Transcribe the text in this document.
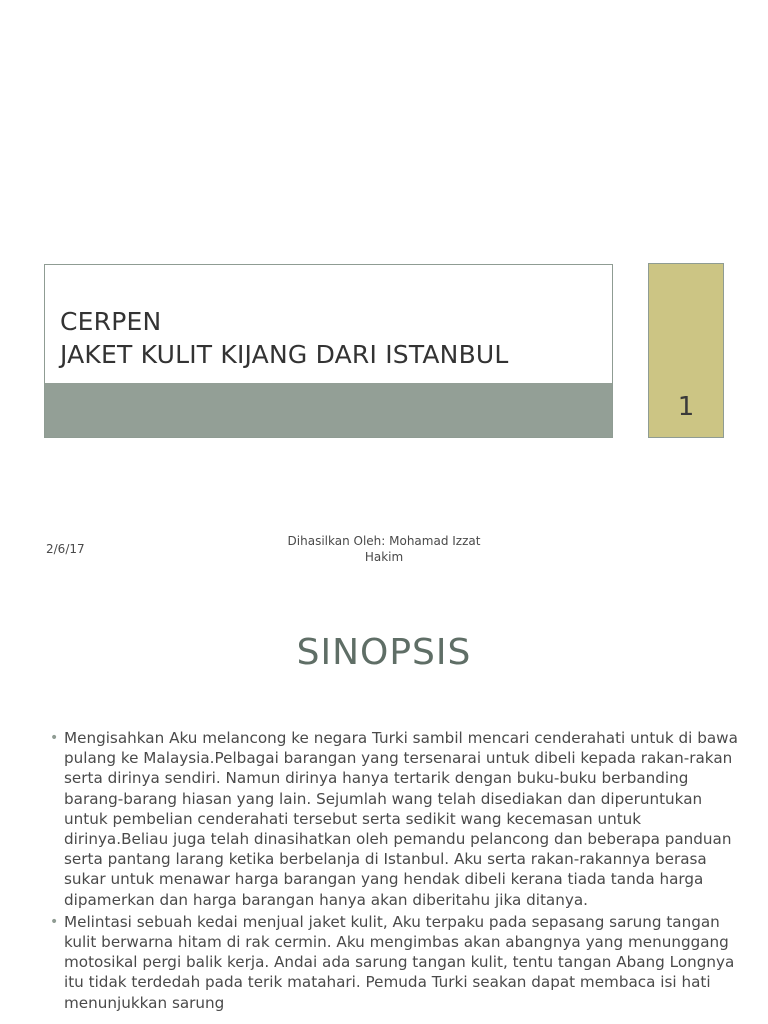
CERPEN
JAKET KULIT KIJANG DARI ISTANBUL
1
2/6/17
Dihasilkan Oleh: Mohamad Izzat Hakim
SINOPSIS
• Mengisahkan Aku melancong ke negara Turki sambil mencari cenderahati untuk di bawa pulang ke Malaysia.Pelbagai barangan yang tersenarai untuk dibeli kepada rakan-rakan serta dirinya sendiri. Namun dirinya hanya tertarik dengan buku-buku berbanding barang-barang hiasan yang lain. Sejumlah wang telah disediakan dan diperuntukan untuk pembelian cenderahati tersebut serta sedikit wang kecemasan untuk dirinya.Beliau juga telah dinasihatkan oleh pemandu pelancong dan beberapa panduan serta pantang larang ketika berbelanja di Istanbul. Aku serta rakan-rakannya berasa sukar untuk menawar harga barangan yang hendak dibeli kerana tiada tanda harga dipamerkan dan harga barangan hanya akan diberitahu jika ditanya.
• Melintasi sebuah kedai menjual jaket kulit, Aku terpaku pada sepasang sarung tangan kulit berwarna hitam di rak cermin. Aku mengimbas akan abangnya yang menunggang motosikal pergi balik kerja. Andai ada sarung tangan kulit, tentu tangan Abang Longnya itu tidak terdedah pada terik matahari. Pemuda Turki seakan dapat membaca isi hati menunjukkan sarung
